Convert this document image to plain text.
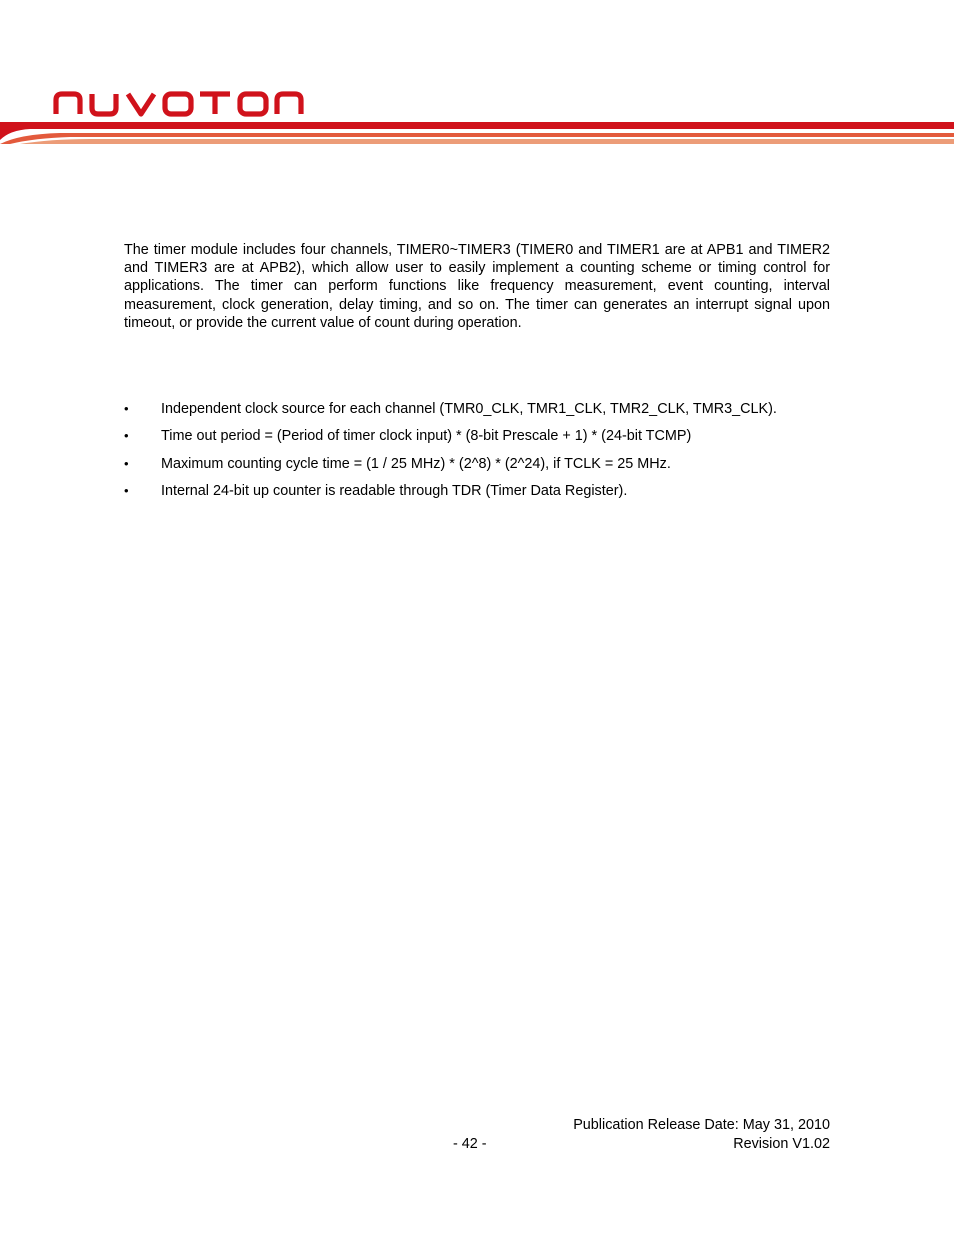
The timer module includes four channels, TIMER0~TIMER3 (TIMER0 and TIMER1 are at APB1 and TIMER2 and TIMER3 are at APB2), which allow user to easily implement a counting scheme or timing control for applications. The timer can perform functions like frequency measurement, event counting, interval measurement, clock generation, delay timing, and so on. The timer can generates an interrupt signal upon timeout, or provide the current value of count during operation.

• Independent clock source for each channel (TMR0_CLK, TMR1_CLK, TMR2_CLK, TMR3_CLK).
• Time out period = (Period of timer clock input) * (8-bit Prescale + 1) * (24-bit TCMP)
• Maximum counting cycle time = (1 / 25 MHz) * (2^8) * (2^24), if TCLK = 25 MHz.
• Internal 24-bit up counter is readable through TDR (Timer Data Register).
Publication Release Date: May 31, 2010
- 42 -	Revision V1.02
